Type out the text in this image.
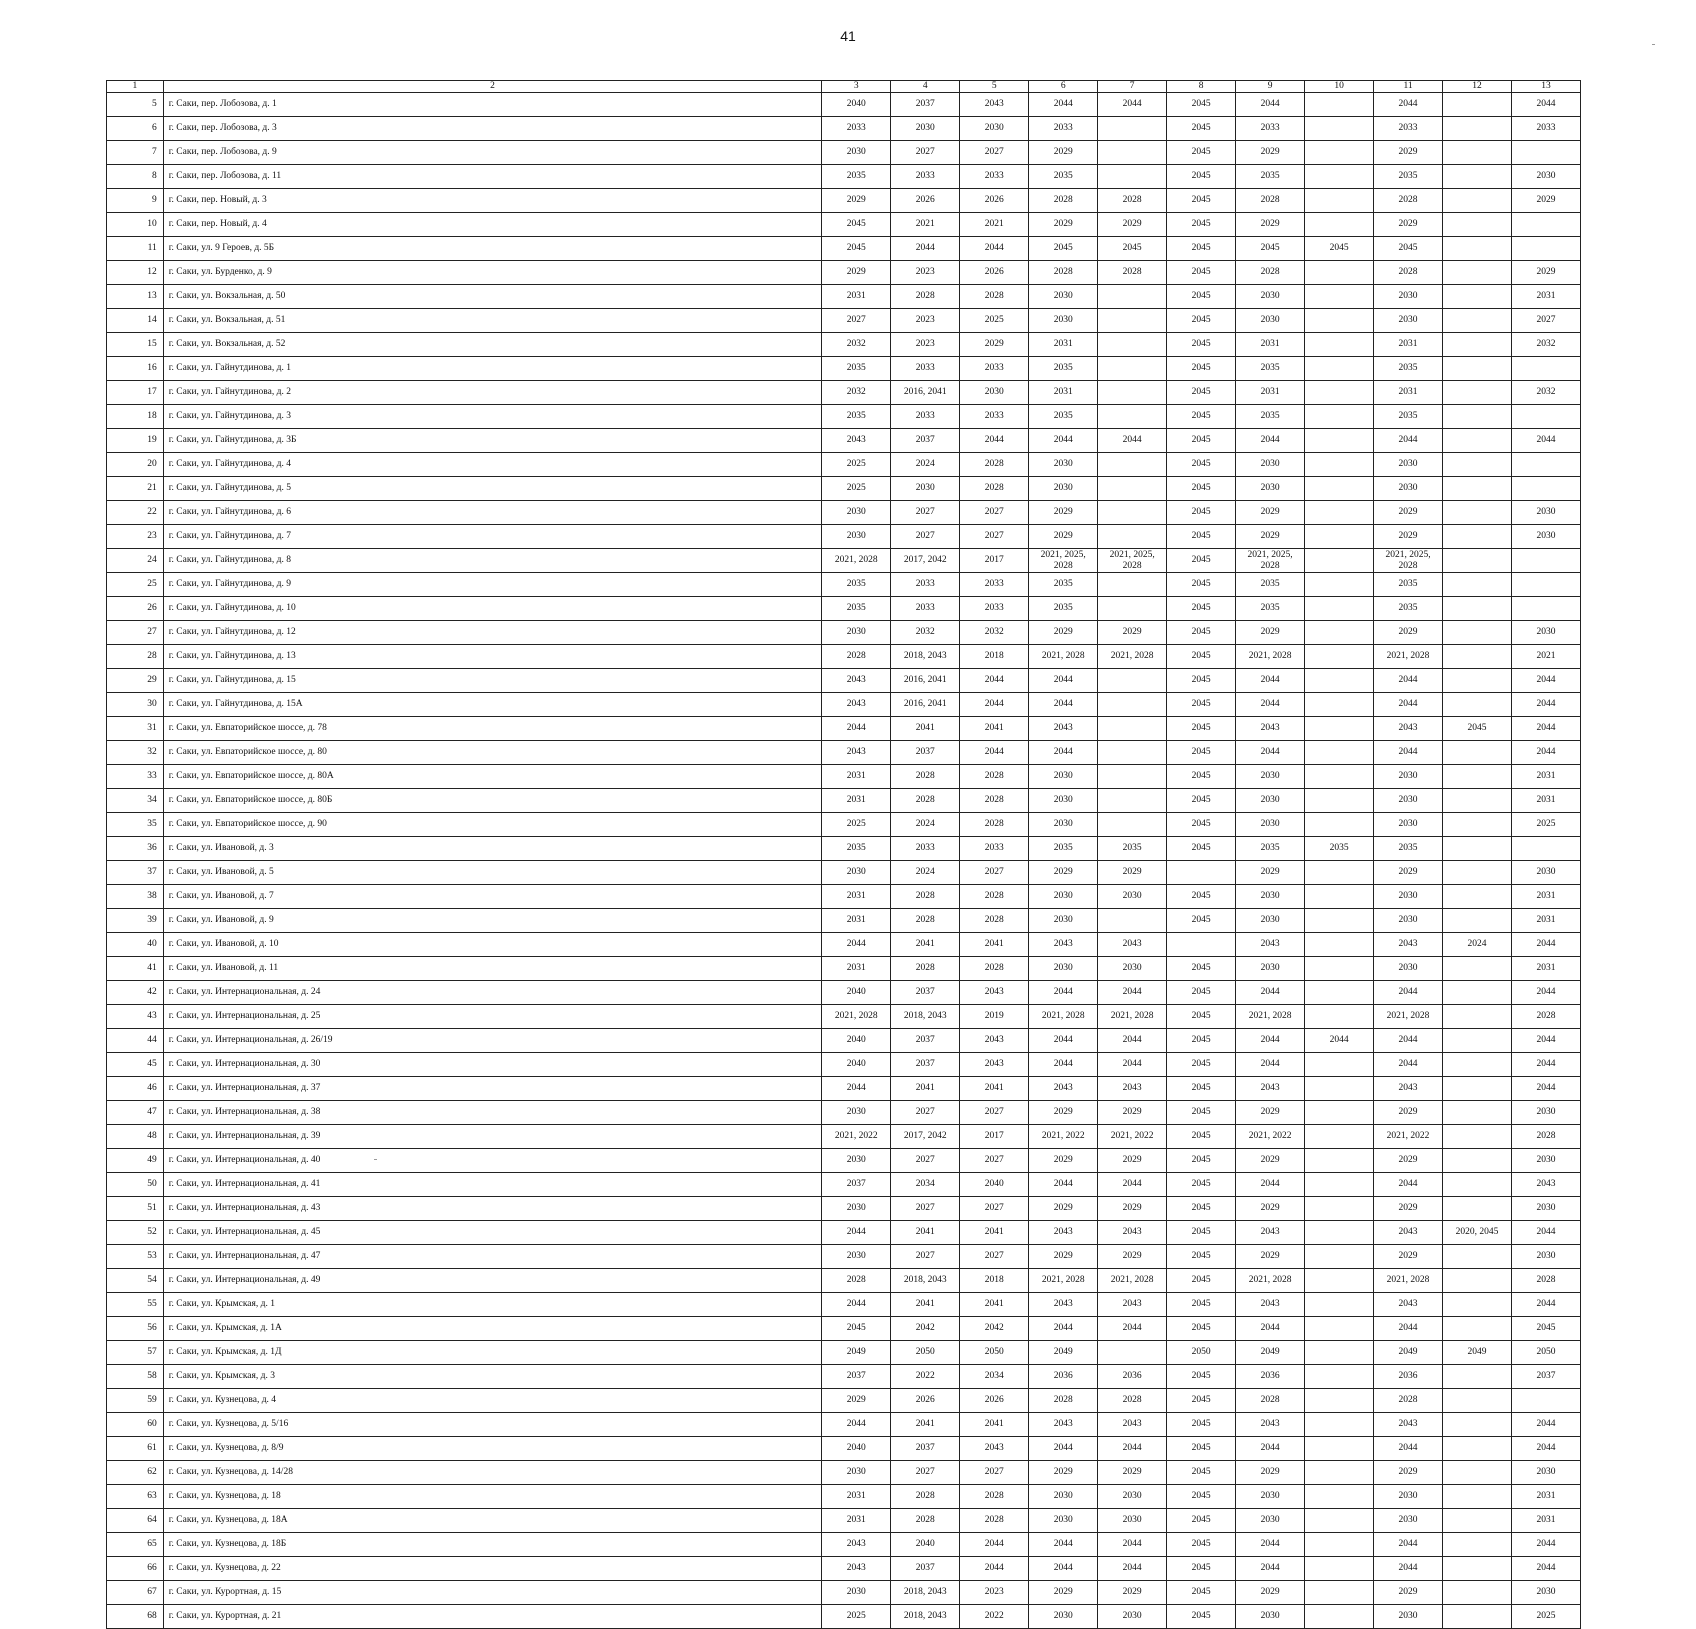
41
1	2	3	4	5	6	7	8	9	10	11	12	13
5	г. Саки, пер. Лобозова, д. 1	2040	2037	2043	2044	2044	2045	2044		2044		2044
6	г. Саки, пер. Лобозова, д. 3	2033	2030	2030	2033		2045	2033		2033		2033
7	г. Саки, пер. Лобозова, д. 9	2030	2027	2027	2029		2045	2029		2029		
8	г. Саки, пер. Лобозова, д. 11	2035	2033	2033	2035		2045	2035		2035		2030
9	г. Саки, пер. Новый, д. 3	2029	2026	2026	2028	2028	2045	2028		2028		2029
10	г. Саки, пер. Новый, д. 4	2045	2021	2021	2029	2029	2045	2029		2029		
11	г. Саки, ул. 9 Героев, д. 5Б	2045	2044	2044	2045	2045	2045	2045	2045	2045		
12	г. Саки, ул. Бурденко, д. 9	2029	2023	2026	2028	2028	2045	2028		2028		2029
13	г. Саки, ул. Вокзальная, д. 50	2031	2028	2028	2030		2045	2030		2030		2031
14	г. Саки, ул. Вокзальная, д. 51	2027	2023	2025	2030		2045	2030		2030		2027
15	г. Саки, ул. Вокзальная, д. 52	2032	2023	2029	2031		2045	2031		2031		2032
16	г. Саки, ул. Гайнутдинова, д. 1	2035	2033	2033	2035		2045	2035		2035		
17	г. Саки, ул. Гайнутдинова, д. 2	2032	2016, 2041	2030	2031		2045	2031		2031		2032
18	г. Саки, ул. Гайнутдинова, д. 3	2035	2033	2033	2035		2045	2035		2035		
19	г. Саки, ул. Гайнутдинова, д. 3Б	2043	2037	2044	2044	2044	2045	2044		2044		2044
20	г. Саки, ул. Гайнутдинова, д. 4	2025	2024	2028	2030		2045	2030		2030		
21	г. Саки, ул. Гайнутдинова, д. 5	2025	2030	2028	2030		2045	2030		2030		
22	г. Саки, ул. Гайнутдинова, д. 6	2030	2027	2027	2029		2045	2029		2029		2030
23	г. Саки, ул. Гайнутдинова, д. 7	2030	2027	2027	2029		2045	2029		2029		2030
24	г. Саки, ул. Гайнутдинова, д. 8	2021, 2028	2017, 2042	2017	2021, 2025, 2028	2021, 2025, 2028	2045	2021, 2025, 2028		2021, 2025, 2028		
25	г. Саки, ул. Гайнутдинова, д. 9	2035	2033	2033	2035		2045	2035		2035		
26	г. Саки, ул. Гайнутдинова, д. 10	2035	2033	2033	2035		2045	2035		2035		
27	г. Саки, ул. Гайнутдинова, д. 12	2030	2032	2032	2029	2029	2045	2029		2029		2030
28	г. Саки, ул. Гайнутдинова, д. 13	2028	2018, 2043	2018	2021, 2028	2021, 2028	2045	2021, 2028		2021, 2028		2021
29	г. Саки, ул. Гайнутдинова, д. 15	2043	2016, 2041	2044	2044		2045	2044		2044		2044
30	г. Саки, ул. Гайнутдинова, д. 15А	2043	2016, 2041	2044	2044		2045	2044		2044		2044
31	г. Саки, ул. Евпаторийское шоссе, д. 78	2044	2041	2041	2043		2045	2043		2043	2045	2044
32	г. Саки, ул. Евпаторийское шоссе, д. 80	2043	2037	2044	2044		2045	2044		2044		2044
33	г. Саки, ул. Евпаторийское шоссе, д. 80А	2031	2028	2028	2030		2045	2030		2030		2031
34	г. Саки, ул. Евпаторийское шоссе, д. 80Б	2031	2028	2028	2030		2045	2030		2030		2031
35	г. Саки, ул. Евпаторийское шоссе, д. 90	2025	2024	2028	2030		2045	2030		2030		2025
36	г. Саки, ул. Ивановой, д. 3	2035	2033	2033	2035	2035	2045	2035	2035	2035		
37	г. Саки, ул. Ивановой, д. 5	2030	2024	2027	2029	2029		2029		2029		2030
38	г. Саки, ул. Ивановой, д. 7	2031	2028	2028	2030	2030	2045	2030		2030		2031
39	г. Саки, ул. Ивановой, д. 9	2031	2028	2028	2030		2045	2030		2030		2031
40	г. Саки, ул. Ивановой, д. 10	2044	2041	2041	2043	2043		2043		2043	2024	2044
41	г. Саки, ул. Ивановой, д. 11	2031	2028	2028	2030	2030	2045	2030		2030		2031
42	г. Саки, ул. Интернациональная, д. 24	2040	2037	2043	2044	2044	2045	2044		2044		2044
43	г. Саки, ул. Интернациональная, д. 25	2021, 2028	2018, 2043	2019	2021, 2028	2021, 2028	2045	2021, 2028		2021, 2028		2028
44	г. Саки, ул. Интернациональная, д. 26/19	2040	2037	2043	2044	2044	2045	2044	2044	2044		2044
45	г. Саки, ул. Интернациональная, д. 30	2040	2037	2043	2044	2044	2045	2044		2044		2044
46	г. Саки, ул. Интернациональная, д. 37	2044	2041	2041	2043	2043	2045	2043		2043		2044
47	г. Саки, ул. Интернациональная, д. 38	2030	2027	2027	2029	2029	2045	2029		2029		2030
48	г. Саки, ул. Интернациональная, д. 39	2021, 2022	2017, 2042	2017	2021, 2022	2021, 2022	2045	2021, 2022		2021, 2022		2028
49	г. Саки, ул. Интернациональная, д. 40	2030	2027	2027	2029	2029	2045	2029		2029		2030
50	г. Саки, ул. Интернациональная, д. 41	2037	2034	2040	2044	2044	2045	2044		2044		2043
51	г. Саки, ул. Интернациональная, д. 43	2030	2027	2027	2029	2029	2045	2029		2029		2030
52	г. Саки, ул. Интернациональная, д. 45	2044	2041	2041	2043	2043	2045	2043		2043	2020, 2045	2044
53	г. Саки, ул. Интернациональная, д. 47	2030	2027	2027	2029	2029	2045	2029		2029		2030
54	г. Саки, ул. Интернациональная, д. 49	2028	2018, 2043	2018	2021, 2028	2021, 2028	2045	2021, 2028		2021, 2028		2028
55	г. Саки, ул. Крымская, д. 1	2044	2041	2041	2043	2043	2045	2043		2043		2044
56	г. Саки, ул. Крымская, д. 1А	2045	2042	2042	2044	2044	2045	2044		2044		2045
57	г. Саки, ул. Крымская, д. 1Д	2049	2050	2050	2049		2050	2049		2049	2049	2050
58	г. Саки, ул. Крымская, д. 3	2037	2022	2034	2036	2036	2045	2036		2036		2037
59	г. Саки, ул. Кузнецова, д. 4	2029	2026	2026	2028	2028	2045	2028		2028		
60	г. Саки, ул. Кузнецова, д. 5/16	2044	2041	2041	2043	2043	2045	2043		2043		2044
61	г. Саки, ул. Кузнецова, д. 8/9	2040	2037	2043	2044	2044	2045	2044		2044		2044
62	г. Саки, ул. Кузнецова, д. 14/28	2030	2027	2027	2029	2029	2045	2029		2029		2030
63	г. Саки, ул. Кузнецова, д. 18	2031	2028	2028	2030	2030	2045	2030		2030		2031
64	г. Саки, ул. Кузнецова, д. 18А	2031	2028	2028	2030	2030	2045	2030		2030		2031
65	г. Саки, ул. Кузнецова, д. 18Б	2043	2040	2044	2044	2044	2045	2044		2044		2044
66	г. Саки, ул. Кузнецова, д. 22	2043	2037	2044	2044	2044	2045	2044		2044		2044
67	г. Саки, ул. Курортная, д. 15	2030	2018, 2043	2023	2029	2029	2045	2029		2029		2030
68	г. Саки, ул. Курортная, д. 21	2025	2018, 2043	2022	2030	2030	2045	2030		2030		2025
